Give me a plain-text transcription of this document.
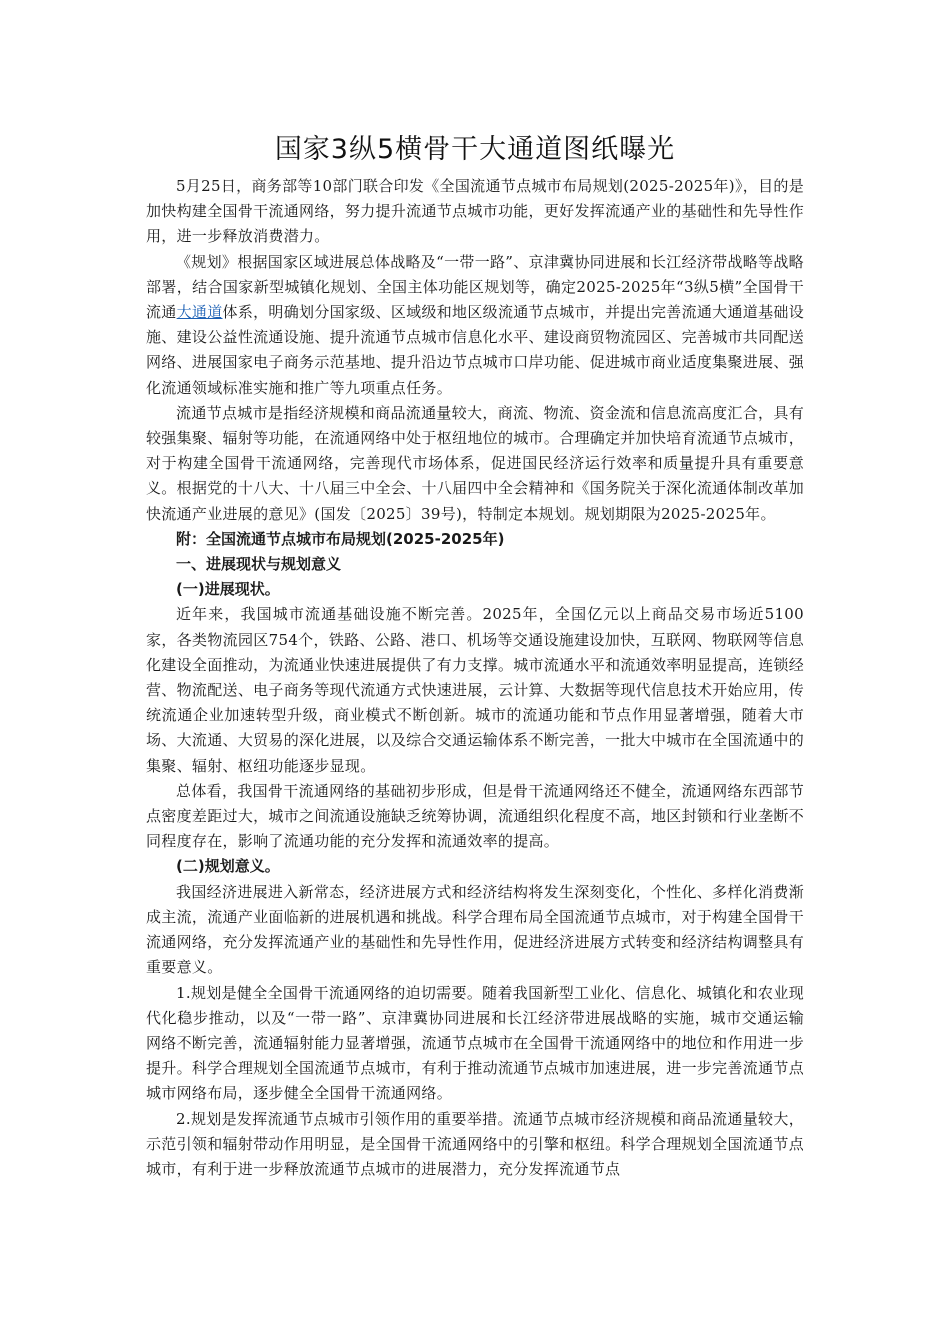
国家3纵5横骨干大通道图纸曝光

5月25日，商务部等10部门联合印发《全国流通节点城市布局规划(2025-2025年)》，目的是加快构建全国骨干流通网络，努力提升流通节点城市功能，更好发挥流通产业的基础性和先导性作用，进一步释放消费潜力。

《规划》根据国家区域进展总体战略及“一带一路”、京津冀协同进展和长江经济带战略等战略部署，结合国家新型城镇化规划、全国主体功能区规划等，确定2025-2025年“3纵5横”全国骨干流通大通道体系，明确划分国家级、区域级和地区级流通节点城市，并提出完善流通大通道基础设施、建设公益性流通设施、提升流通节点城市信息化水平、建设商贸物流园区、完善城市共同配送网络、进展国家电子商务示范基地、提升沿边节点城市口岸功能、促进城市商业适度集聚进展、强化流通领域标准实施和推广等九项重点任务。

流通节点城市是指经济规模和商品流通量较大，商流、物流、资金流和信息流高度汇合，具有较强集聚、辐射等功能，在流通网络中处于枢纽地位的城市。合理确定并加快培育流通节点城市，对于构建全国骨干流通网络，完善现代市场体系，促进国民经济运行效率和质量提升具有重要意义。根据党的十八大、十八届三中全会、十八届四中全会精神和《国务院关于深化流通体制改革加快流通产业进展的意见》(国发〔2025〕39号)，特制定本规划。规划期限为2025-2025年。

附：全国流通节点城市布局规划(2025-2025年)

一、进展现状与规划意义

(一)进展现状。

近年来，我国城市流通基础设施不断完善。2025年，全国亿元以上商品交易市场近5100家，各类物流园区754个，铁路、公路、港口、机场等交通设施建设加快，互联网、物联网等信息化建设全面推动，为流通业快速进展提供了有力支撑。城市流通水平和流通效率明显提高，连锁经营、物流配送、电子商务等现代流通方式快速进展，云计算、大数据等现代信息技术开始应用，传统流通企业加速转型升级，商业模式不断创新。城市的流通功能和节点作用显著增强，随着大市场、大流通、大贸易的深化进展，以及综合交通运输体系不断完善，一批大中城市在全国流通中的集聚、辐射、枢纽功能逐步显现。

总体看，我国骨干流通网络的基础初步形成，但是骨干流通网络还不健全，流通网络东西部节点密度差距过大，城市之间流通设施缺乏统筹协调，流通组织化程度不高，地区封锁和行业垄断不同程度存在，影响了流通功能的充分发挥和流通效率的提高。

(二)规划意义。

我国经济进展进入新常态，经济进展方式和经济结构将发生深刻变化，个性化、多样化消费渐成主流，流通产业面临新的进展机遇和挑战。科学合理布局全国流通节点城市，对于构建全国骨干流通网络，充分发挥流通产业的基础性和先导性作用，促进经济进展方式转变和经济结构调整具有重要意义。

1.规划是健全全国骨干流通网络的迫切需要。随着我国新型工业化、信息化、城镇化和农业现代化稳步推动，以及“一带一路”、京津冀协同进展和长江经济带进展战略的实施，城市交通运输网络不断完善，流通辐射能力显著增强，流通节点城市在全国骨干流通网络中的地位和作用进一步提升。科学合理规划全国流通节点城市，有利于推动流通节点城市加速进展，进一步完善流通节点城市网络布局，逐步健全全国骨干流通网络。

2.规划是发挥流通节点城市引领作用的重要举措。流通节点城市经济规模和商品流通量较大，示范引领和辐射带动作用明显，是全国骨干流通网络中的引擎和枢纽。科学合理规划全国流通节点城市，有利于进一步释放流通节点城市的进展潜力，充分发挥流通节点
